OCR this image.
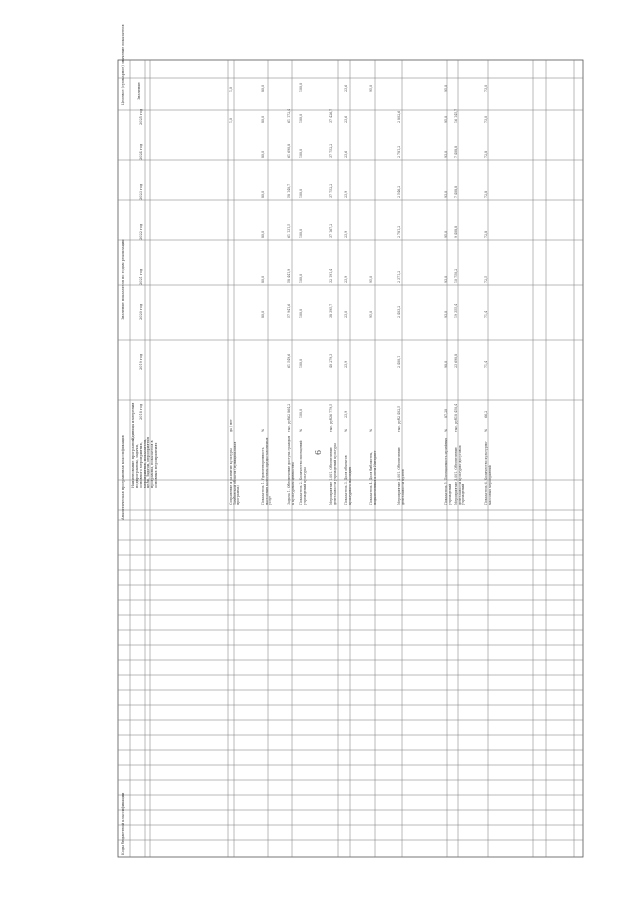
6
Коды бюджетной классификации
Аналитическая программная классификация
Значение показателя по годам реализации
Целевое (суммарное) значение показателя	Значение
Наименование программы, подпрограммы, задачи, основного мероприятия, мероприятия, показателя, цели, задачи, мероприятия программы, показателя в основных мероприятиях
Единица измерения 2018 год
2019 год
2020 год
2021 год
2022 год
2023 год
2024 год
2025 год
Сохранение и развитие культуры Тамбовской области (муниципальная программа)
да / нет
1,0
1,0
Показатель 1. Удовлетворенность населения качеством предоставляемых услуг
%
80,0
80,0
80,0
80,0
80,0
80,0
80,0
Задача 1. Обеспечение доступа граждан к культурным ценностям
тыс. руб.
62 864,2
61 549,6
57 941,6
58 441,9
61 131,5
58 140,7
61 690,8
61 172,4
Показатель 2. Количество посещений учреждений культуры
%
100,0
100,0
100,0
100,0
100,0
100,0
100,0
100,0
100,0
Мероприятие 1.001. Обеспечение деятельности учреждений культуры
тыс. руб.
36 779,5
40 279,3
38 395,7
32 191,4
37 167,2
37 752,2
37 752,2
37 426,7
Показатель 3. Доля объектов культурного наследия
%
23,9
23,9
23,0
23,9
23,9
23,9
23,6
23,6
23,6
Показатель 4. Доля библиотек, подключенных к сети Интернет
%
95,0
95,0
95,0
Мероприятие 2.001. Обеспечение деятельности музеев
тыс. руб.
2 402,5
2 400,1
2 403,2
2 371,2
2 781,2
2 546,2
2 781,2
2 802,6
Показатель 5. Посещаемость музейных учреждений
%
87,20
90,0
93,0
93,0
95,0
93,0
93,0
95,0
95,0
Мероприятие 3.001. Обеспечение деятельности культурно-досуговых учреждений
тыс. руб.
18 450,4
23 690,8
19 355,4
10 750,2
9 408,8
7 408,8
7 408,8
16 145,7
Показатель 6. Количество культурно-массовых мероприятий
%
66,2
71,4
71,4
72,5
72,8
72,8
72,8
73,0
73,0
